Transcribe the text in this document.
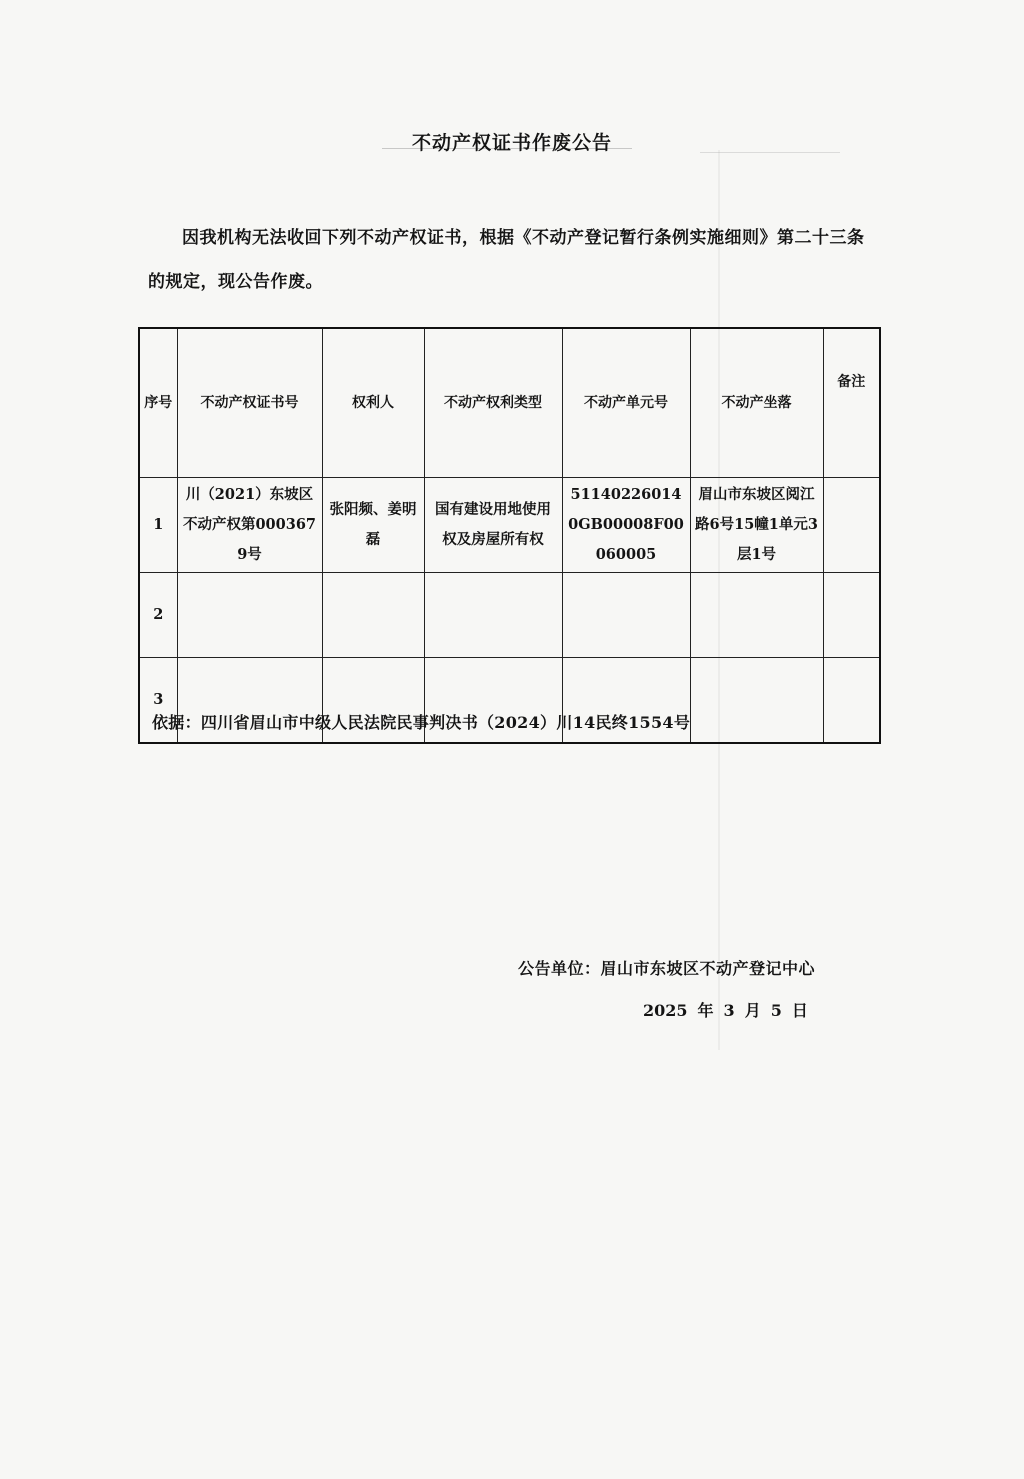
不动产权证书作废公告
因我机构无法收回下列不动产权证书，根据《不动产登记暂行条例实施细则》第二十三条的规定，现公告作废。
序号	不动产权证书号	权利人	不动产权利类型	不动产单元号	不动产坐落	备注
1	川（2021）东坡区不动产权第0003679号	张阳频、姜明磊	国有建设用地使用权及房屋所有权	511402260140GB00008F00060005	眉山市东坡区阅江路6号15幢1单元3层1号	
2						
3						
依据：四川省眉山市中级人民法院民事判决书（2024）川14民终1554号
公告单位：眉山市东坡区不动产登记中心
2025 年 3 月 5 日
